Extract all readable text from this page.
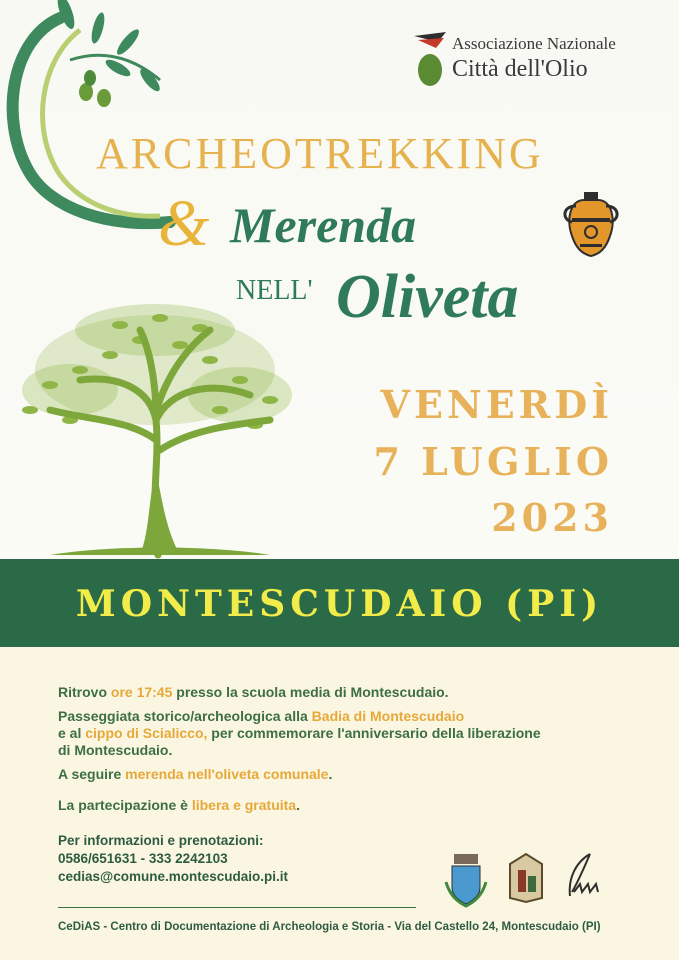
Associazione Nazionale
Città dell'Olio
ARCHEOTREKKING
& Merenda
NELL' Oliveta
VENERDÌ
7 LUGLIO
2023
MONTESCUDAIO (PI)
Ritrovo ore 17:45 presso la scuola media di Montescudaio.
Passeggiata storico/archeologica alla Badia di Montescudaio
e al cippo di Scialicco, per commemorare l'anniversario della liberazione
di Montescudaio.
A seguire merenda nell'oliveta comunale.
La partecipazione è libera e gratuita.
Per informazioni e prenotazioni:
0586/651631 - 333 2242103
cedias@comune.montescudaio.pi.it
CeDiAS - Centro di Documentazione di Archeologia e Storia - Via del Castello 24, Montescudaio (PI)
